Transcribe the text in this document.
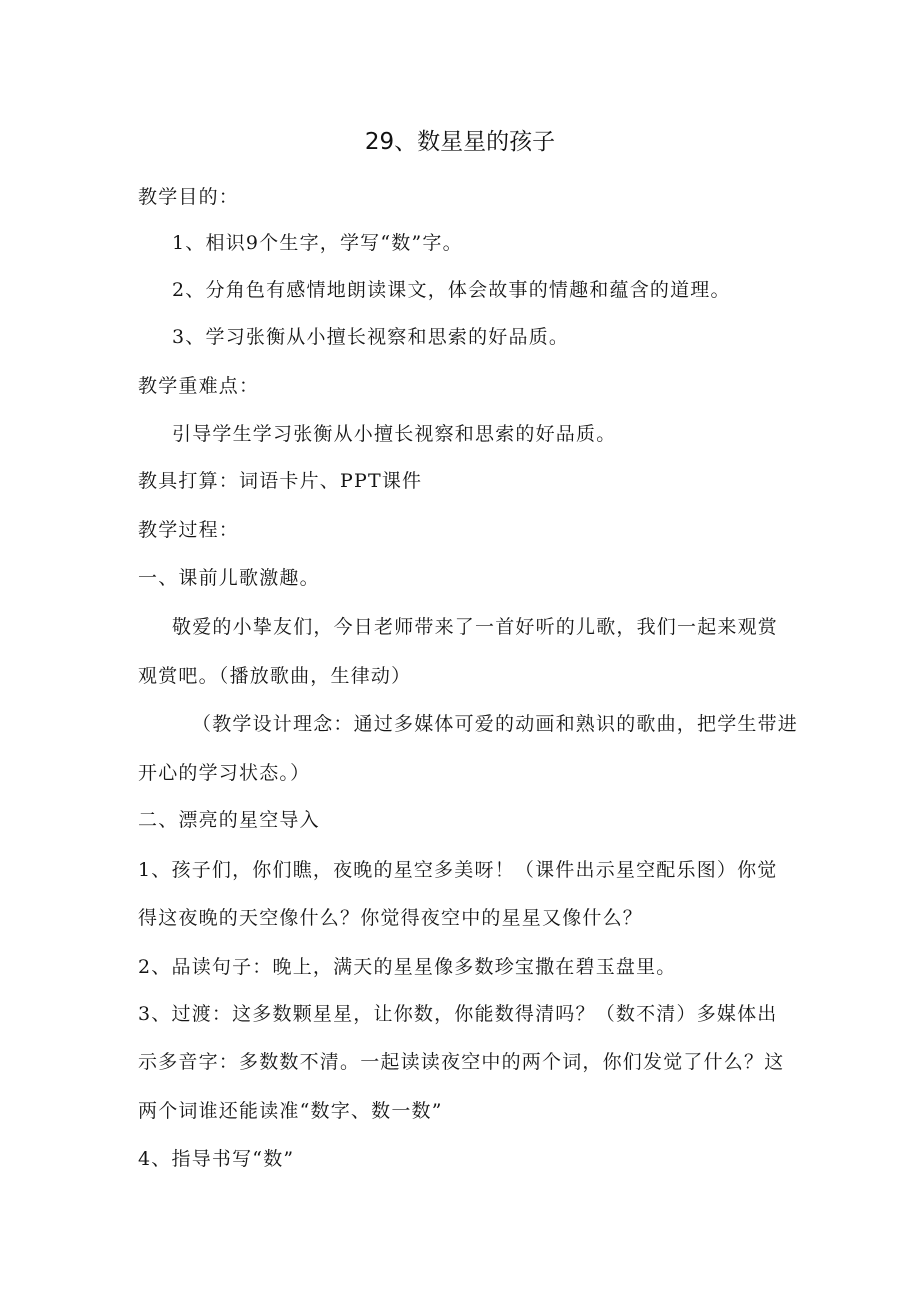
29、数星星的孩子
教学目的：
1、相识9个生字，学写“数”字。
2、分角色有感情地朗读课文，体会故事的情趣和蕴含的道理。
3、学习张衡从小擅长视察和思索的好品质。
教学重难点：
引导学生学习张衡从小擅长视察和思索的好品质。
教具打算：词语卡片、PPT课件
教学过程：
一、课前儿歌激趣。
敬爱的小挚友们，今日老师带来了一首好听的儿歌，我们一起来观赏
观赏吧。（播放歌曲，生律动）
（教学设计理念：通过多媒体可爱的动画和熟识的歌曲，把学生带进
开心的学习状态。）
二、漂亮的星空导入
1、孩子们，你们瞧，夜晚的星空多美呀！（课件出示星空配乐图）你觉
得这夜晚的天空像什么？你觉得夜空中的星星又像什么？
2、品读句子：晚上，满天的星星像多数珍宝撒在碧玉盘里。
3、过渡：这多数颗星星，让你数，你能数得清吗？（数不清）多媒体出
示多音字：多数数不清。一起读读夜空中的两个词，你们发觉了什么？这
两个词谁还能读准“数字、数一数”
4、指导书写“数”
